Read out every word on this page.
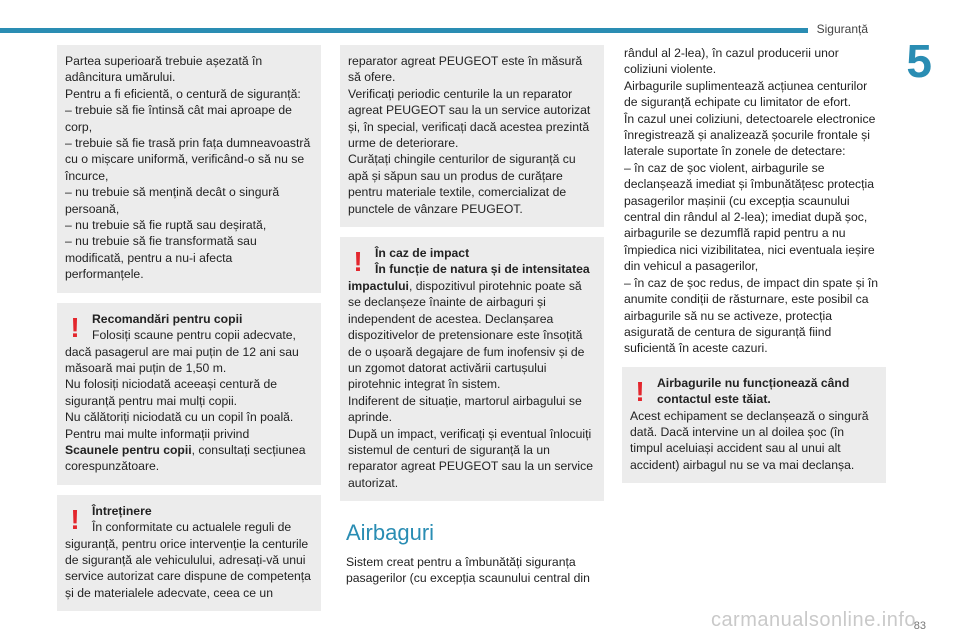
Siguranță
5

Partea superioară trebuie așezată în adâncitura umărului.

Pentru a fi eficientă, o centură de siguranță:

– trebuie să fie întinsă cât mai aproape de corp,

– trebuie să fie trasă prin fața dumneavoastră cu o mișcare uniformă, verificând-o să nu se încurce,

– nu trebuie să mențină decât o singură persoană,

– nu trebuie să fie ruptă sau deșirată,

– nu trebuie să fie transformată sau modificată, pentru a nu-i afecta performanțele.

!	Recomandări pentru copii

Folosiți scaune pentru copii adecvate,

dacă pasagerul are mai puțin de 12 ani sau măsoară mai puțin de 1,50 m.

Nu folosiți niciodată aceeași centură de siguranță pentru mai mulți copii.

Nu călătoriți niciodată cu un copil în poală.

Pentru mai multe informații privind

Scaunele pentru copii, consultați secțiunea corespunzătoare.

!	Întreținere

În conformitate cu actualele reguli de

siguranță, pentru orice intervenție la centurile de siguranță ale vehiculului, adresați-vă unui service autorizat care dispune de competența și de materialele adecvate, ceea ce un

reparator agreat PEUGEOT este în măsură să ofere.

Verificați periodic centurile la un reparator agreat PEUGEOT sau la un service autorizat și, în special, verificați dacă acestea prezintă urme de deteriorare.

Curățați chingile centurilor de siguranță cu apă și săpun sau un produs de curățare pentru materiale textile, comercializat de punctele de vânzare PEUGEOT.

!	În caz de impact

În funcție de natura și de intensitatea

impactului, dispozitivul pirotehnic poate să se declanșeze înainte de airbaguri și independent de acestea. Declanșarea dispozitivelor de pretensionare este însoțită de o ușoară degajare de fum inofensiv și de un zgomot datorat activării cartușului pirotehnic integrat în sistem.

Indiferent de situație, martorul airbagului se aprinde.

După un impact, verificați și eventual înlocuiți sistemul de centuri de siguranță la un reparator agreat PEUGEOT sau la un service autorizat.

Airbaguri

Sistem creat pentru a îmbunătăți siguranța pasagerilor (cu excepția scaunului central din

rândul al 2-lea), în cazul producerii unor coliziuni violente.

Airbagurile suplimentează acțiunea centurilor de siguranță echipate cu limitator de efort.

În cazul unei coliziuni, detectoarele electronice înregistrează și analizează șocurile frontale și laterale suportate în zonele de detectare:

– în caz de șoc violent, airbagurile se declanșează imediat și îmbunătățesc protecția pasagerilor mașinii (cu excepția scaunului central din rândul al 2-lea); imediat după șoc, airbagurile se dezumflă rapid pentru a nu împiedica nici vizibilitatea, nici eventuala ieșire din vehicul a pasagerilor,

– în caz de șoc redus, de impact din spate și în anumite condiții de răsturnare, este posibil ca airbagurile să nu se activeze, protecția asigurată de centura de siguranță fiind suficientă în aceste cazuri.

!	Airbagurile nu funcționează când contactul este tăiat.

Acest echipament se declanșează o singură dată. Dacă intervine un al doilea șoc (în timpul aceluiași accident sau al unui alt accident) airbagul nu se va mai declanșa.

carmanualsonline.info
83
